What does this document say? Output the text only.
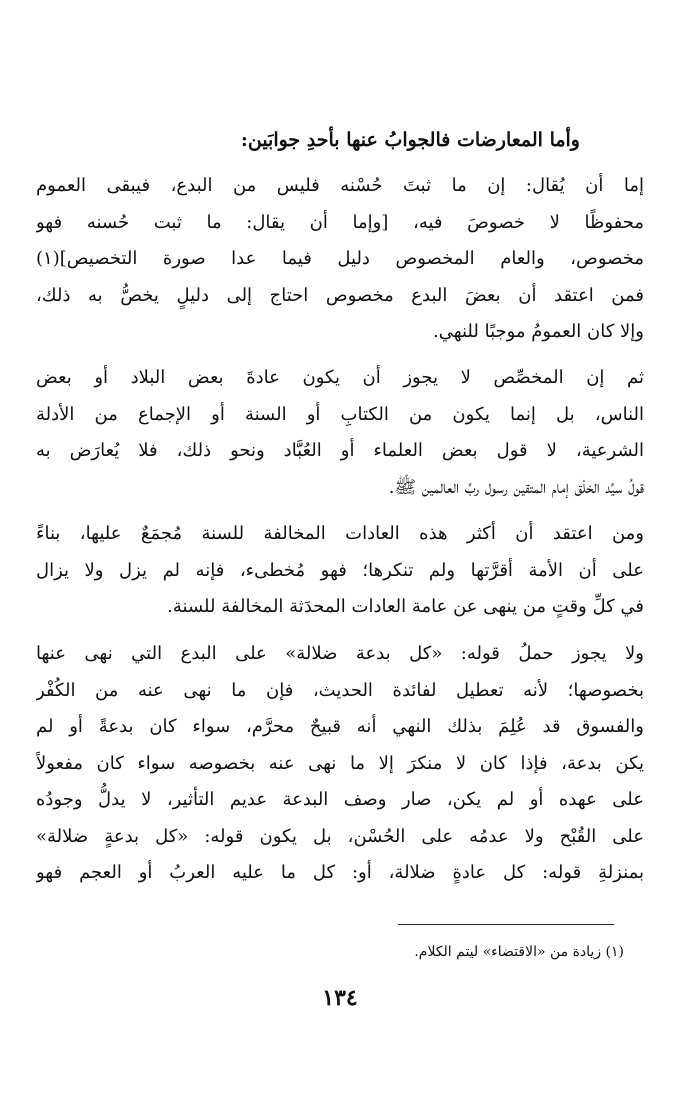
وأما المعارضات فالجوابُ عنها بأحدِ جوابَين:
إما أن يُقال: إن ما ثبتَ حُسْنه فليس من البدع، فيبقى العموم
محفوظًا لا خصوصَ فيه، [وإما أن يقال: ما ثبت حُسنه فهو
مخصوص، والعام المخصوص دليل فيما عدا صورة التخصيص](١)
فمن اعتقد أن بعضَ البدع مخصوص احتاج إلى دليلٍ يخصُّ به ذلك،
وإلا كان العمومُ موجبًا للنهي.
ثم إن المخصِّص لا يجوز أن يكون عادةَ بعض البلاد أو بعض
الناس، بل إنما يكون من الكتابِ أو السنة أو الإجماع من الأدلة
الشرعية، لا قول بعض العلماء أو العُبَّاد ونحو ذلك، فلا يُعارَض به
قولُ سيِّد الخلْق إمام المتقين رسول ربِّ العالمين ﷺ.
ومن اعتقد أن أكثر هذه العادات المخالفة للسنة مُجمَعٌ عليها، بناءً
على أن الأمة أقرَّتها ولم تنكرها؛ فهو مُخطىء، فإنه لم يزل ولا يزال
في كلِّ وقتٍ من ينهى عن عامة العادات المحدَثة المخالفة للسنة.
ولا يجوز حملُ قوله: «كل بدعة ضلالة» على البدع التي نهى عنها
بخصوصها؛ لأنه تعطيل لفائدة الحديث، فإن ما نهى عنه من الكُفْر
والفسوق قد عُلِمَ بذلك النهي أنه قبيحٌ محرَّم، سواء كان بدعةً أو لم
يكن بدعة، فإذا كان لا منكرَ إلا ما نهى عنه بخصوصه سواء كان مفعولاً
على عهده أو لم يكن، صار وصف البدعة عديم التأثير، لا يدلُّ وجودُه
على القُبْح ولا عدمُه على الحُسْن، بل يكون قوله: «كل بدعةٍ ضلالة»
بمنزلةِ قوله: كل عادةٍ ضلالة، أو: كل ما عليه العربُ أو العجم فهو
(١) زيادة من «الاقتضاء» ليتم الكلام.
١٣٤
